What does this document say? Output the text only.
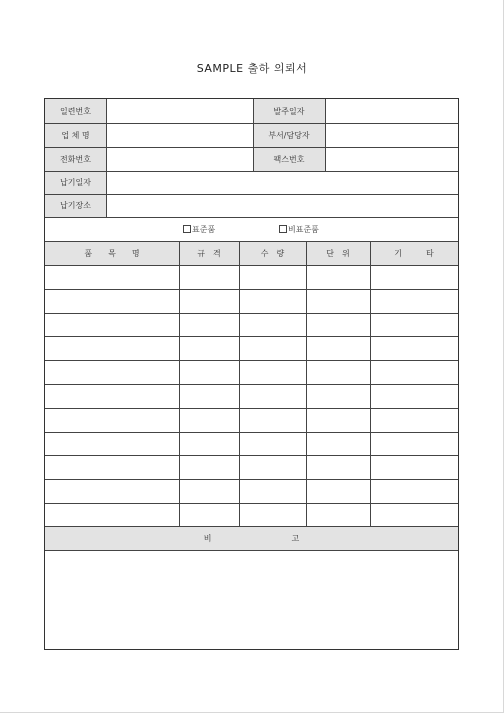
SAMPLE 출하 의뢰서
일련번호	발주일자
업 체 명	부서/담당자
전화번호	팩스번호
납기일자
납기장소
표준품	비표준품
품　　목　　명	규　격	수　량	단　위	기　　　타
비　　　　　　　　　　고
